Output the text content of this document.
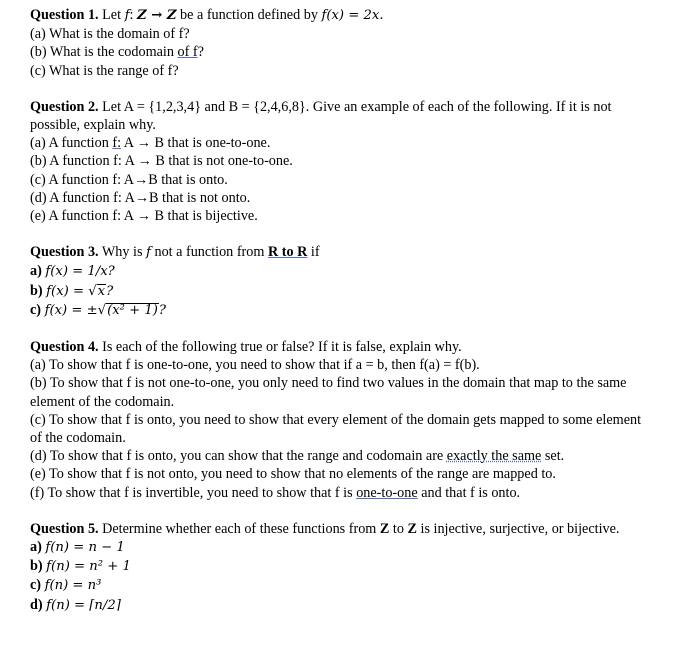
Question 1. Let f: Z → Z be a function defined by f(x) = 2x.
(a) What is the domain of f?
(b) What is the codomain of f?
(c) What is the range of f?
Question 2. Let A = {1,2,3,4} and B = {2,4,6,8}. Give an example of each of the following. If it is not possible, explain why.
(a) A function f: A → B that is one-to-one.
(b) A function f: A → B that is not one-to-one.
(c) A function f: A→B that is onto.
(d) A function f: A→B that is not onto.
(e) A function f: A → B that is bijective.
Question 3. Why is f not a function from R to R if
a) f(x) = 1/x?
b) f(x) = √x?
c) f(x) = ±√(x² + 1)?
Question 4. Is each of the following true or false? If it is false, explain why.
(a) To show that f is one-to-one, you need to show that if a = b, then f(a) = f(b).
(b) To show that f is not one-to-one, you only need to find two values in the domain that map to the same element of the codomain.
(c) To show that f is onto, you need to show that every element of the domain gets mapped to some element of the codomain.
(d) To show that f is onto, you can show that the range and codomain are exactly the same set.
(e) To show that f is not onto, you need to show that no elements of the range are mapped to.
(f) To show that f is invertible, you need to show that f is one-to-one and that f is onto.
Question 5. Determine whether each of these functions from Z to Z is injective, surjective, or bijective.
a) f(n) = n − 1
b) f(n) = n² + 1
c) f(n) = n³
d) f(n) = ⌈n/2⌉
